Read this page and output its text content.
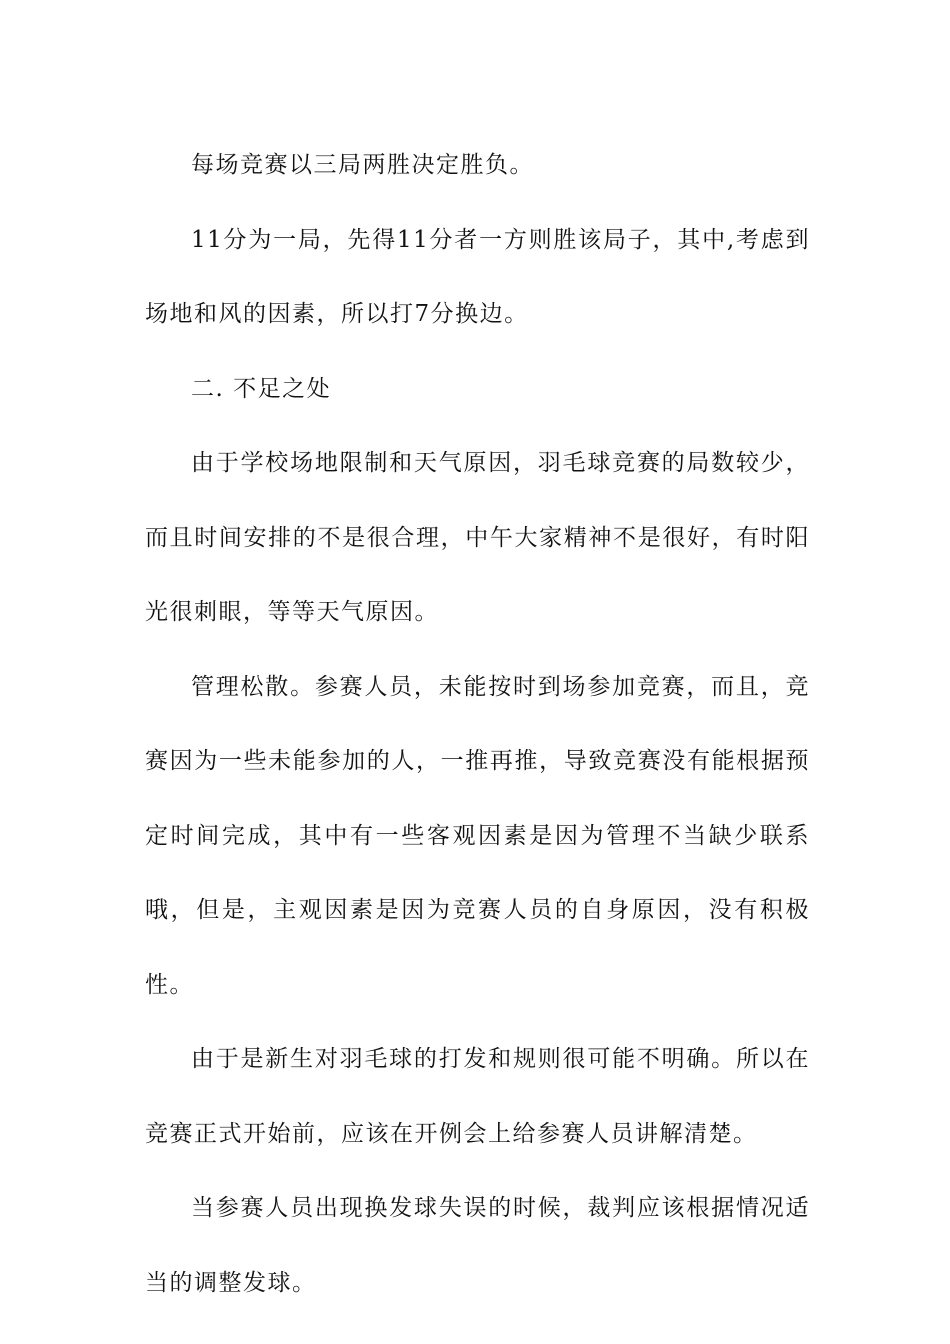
每场竞赛以三局两胜决定胜负。

11分为一局，先得11分者一方则胜该局子，其中,考虑到场地和风的因素，所以打7分换边。

二. 不足之处

由于学校场地限制和天气原因，羽毛球竞赛的局数较少，而且时间安排的不是很合理，中午大家精神不是很好，有时阳光很刺眼，等等天气原因。

管理松散。参赛人员，未能按时到场参加竞赛，而且，竞赛因为一些未能参加的人，一推再推，导致竞赛没有能根据预定时间完成，其中有一些客观因素是因为管理不当缺少联系哦，但是，主观因素是因为竞赛人员的自身原因，没有积极性。

由于是新生对羽毛球的打发和规则很可能不明确。所以在竞赛正式开始前，应该在开例会上给参赛人员讲解清楚。

当参赛人员出现换发球失误的时候，裁判应该根据情况适当的调整发球。
